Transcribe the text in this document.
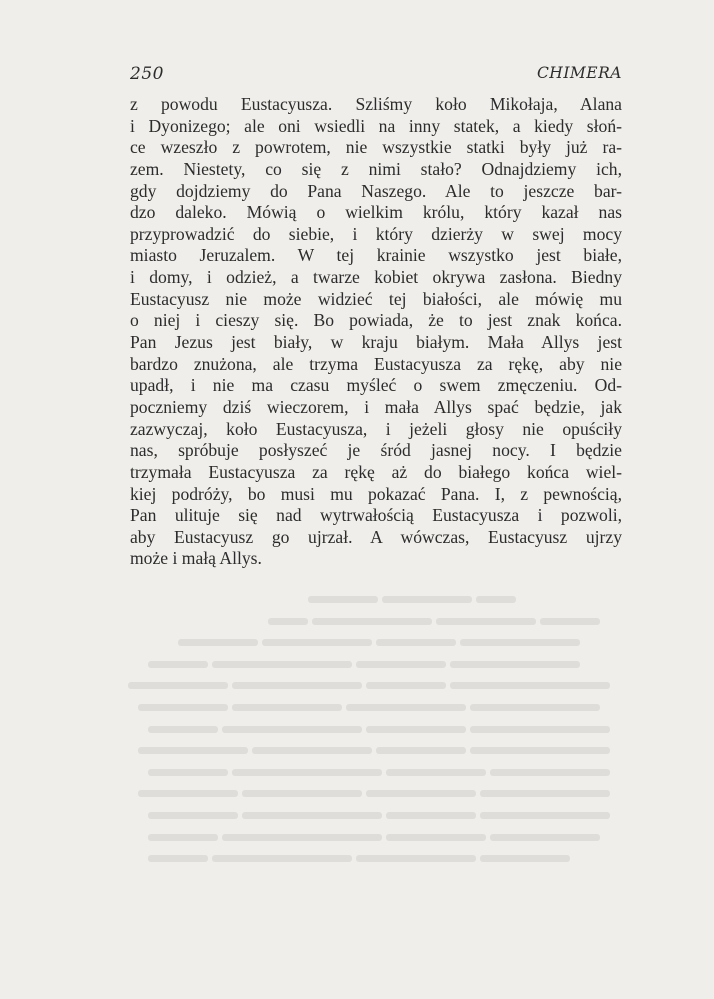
250	CHIMERA
z powodu Eustacyusza. Szliśmy koło Mikołaja, Alana
i Dyonizego; ale oni wsiedli na inny statek, a kiedy słoń-
ce wzeszło z powrotem, nie wszystkie statki były już ra-
zem. Niestety, co się z nimi stało? Odnajdziemy ich,
gdy dojdziemy do Pana Naszego. Ale to jeszcze bar-
dzo daleko. Mówią o wielkim królu, który kazał nas
przyprowadzić do siebie, i który dzierży w swej mocy
miasto Jeruzalem. W tej krainie wszystko jest białe,
i domy, i odzież, a twarze kobiet okrywa zasłona. Biedny
Eustacyusz nie może widzieć tej białości, ale mówię mu
o niej i cieszy się. Bo powiada, że to jest znak końca.
Pan Jezus jest biały, w kraju białym. Mała Allys jest
bardzo znużona, ale trzyma Eustacyusza za rękę, aby nie
upadł, i nie ma czasu myśleć o swem zmęczeniu. Od-
poczniemy dziś wieczorem, i mała Allys spać będzie, jak
zazwyczaj, koło Eustacyusza, i jeżeli głosy nie opuściły
nas, spróbuje posłyszeć je śród jasnej nocy. I będzie
trzymała Eustacyusza za rękę aż do białego końca wiel-
kiej podróży, bo musi mu pokazać Pana. I, z pewnością,
Pan ulituje się nad wytrwałością Eustacyusza i pozwoli,
aby Eustacyusz go ujrzał. A wówczas, Eustacyusz ujrzy
może i małą Allys.
